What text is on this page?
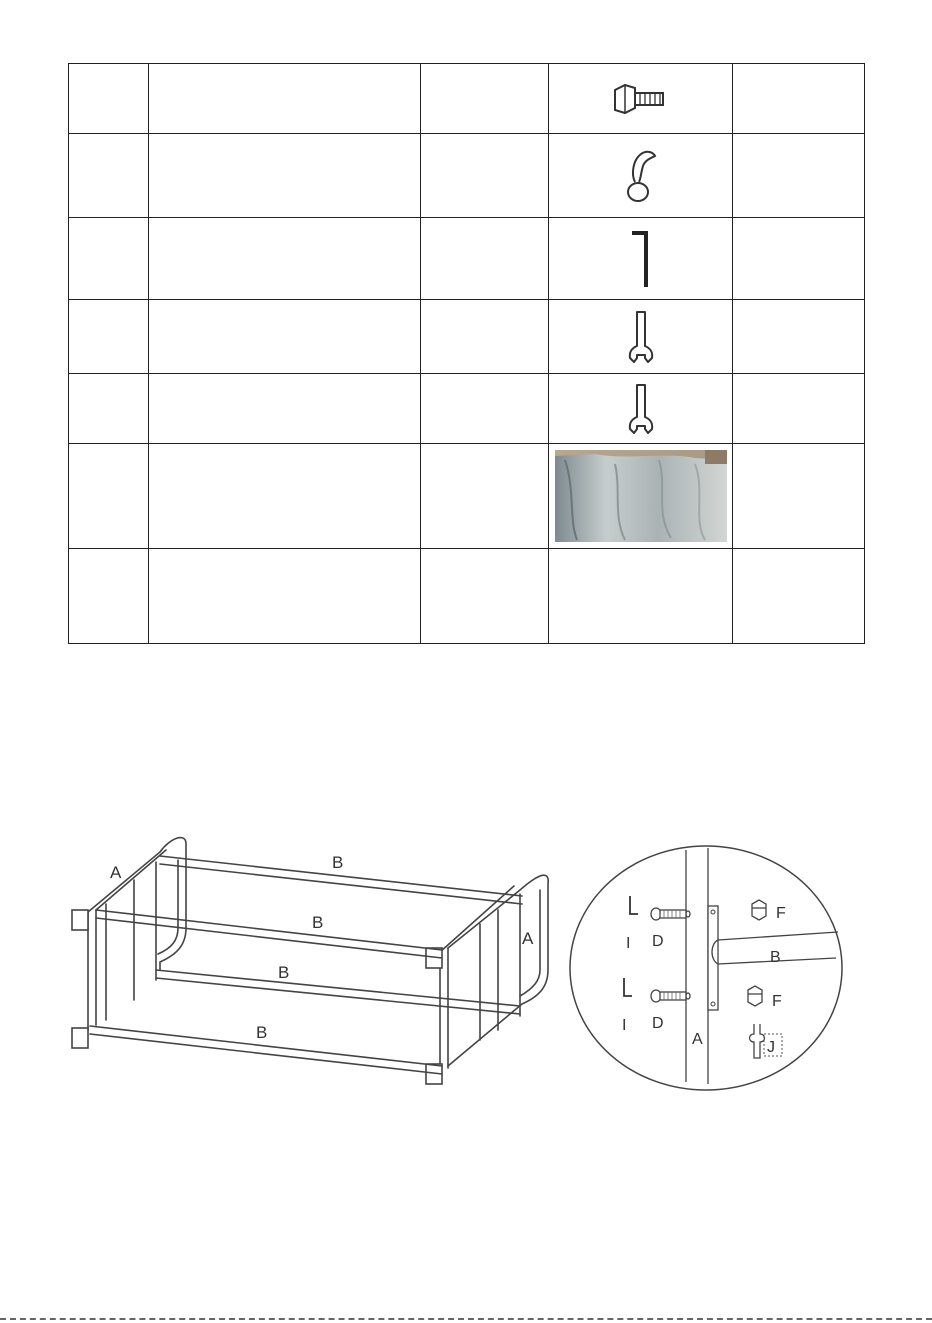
A
A
B
B
B
B
I
I
D
D
F
F
A
B
J
